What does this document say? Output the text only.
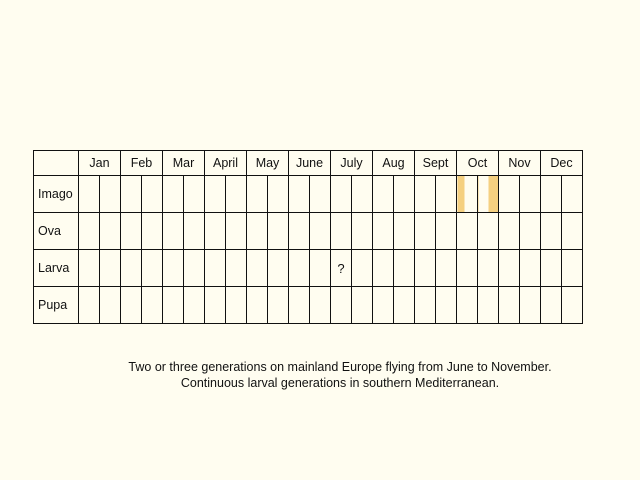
	Jan		Feb		Mar		April		May		June		July		Aug		Sept		Oct		Nov		Dec	
Imago																								
Ova																								
Larva													?											
Pupa																								
Two or three generations on mainland Europe flying from June to November.
Continuous larval generations in southern Mediterranean.
